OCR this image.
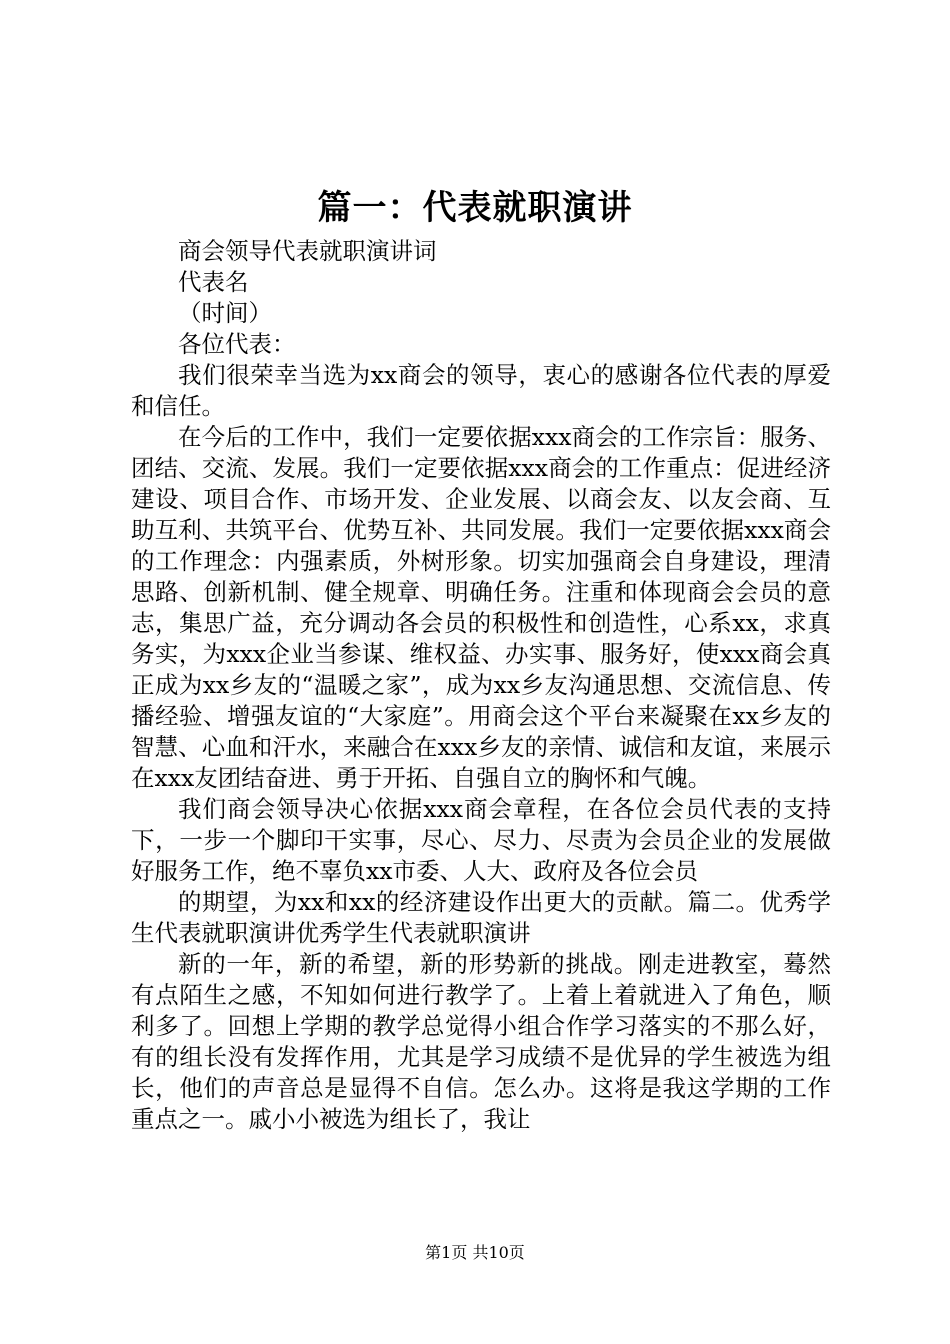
篇一：代表就职演讲

商会领导代表就职演讲词

代表名

（时间）

各位代表：

我们很荣幸当选为xx商会的领导，衷心的感谢各位代表的厚爱和信任。

在今后的工作中，我们一定要依据xxx商会的工作宗旨：服务、团结、交流、发展。我们一定要依据xxx商会的工作重点：促进经济建设、项目合作、市场开发、企业发展、以商会友、以友会商、互助互利、共筑平台、优势互补、共同发展。我们一定要依据xxx商会的工作理念：内强素质，外树形象。切实加强商会自身建设，理清思路、创新机制、健全规章、明确任务。注重和体现商会会员的意志，集思广益，充分调动各会员的积极性和创造性，心系xx，求真务实，为xxx企业当参谋、维权益、办实事、服务好，使xxx商会真正成为xx乡友的“温暖之家”，成为xx乡友沟通思想、交流信息、传播经验、增强友谊的“大家庭”。用商会这个平台来凝聚在xx乡友的智慧、心血和汗水，来融合在xxx乡友的亲情、诚信和友谊，来展示在xxx友团结奋进、勇于开拓、自强自立的胸怀和气魄。

我们商会领导决心依据xxx商会章程，在各位会员代表的支持下，一步一个脚印干实事，尽心、尽力、尽责为会员企业的发展做好服务工作，绝不辜负xx市委、人大、政府及各位会员

的期望，为xx和xx的经济建设作出更大的贡献。篇二。优秀学生代表就职演讲优秀学生代表就职演讲

新的一年，新的希望，新的形势新的挑战。刚走进教室，蓦然有点陌生之感，不知如何进行教学了。上着上着就进入了角色，顺利多了。回想上学期的教学总觉得小组合作学习落实的不那么好，有的组长没有发挥作用，尤其是学习成绩不是优异的学生被选为组长，他们的声音总是显得不自信。怎么办。这将是我这学期的工作重点之一。戚小小被选为组长了，我让

第1页 共10页
